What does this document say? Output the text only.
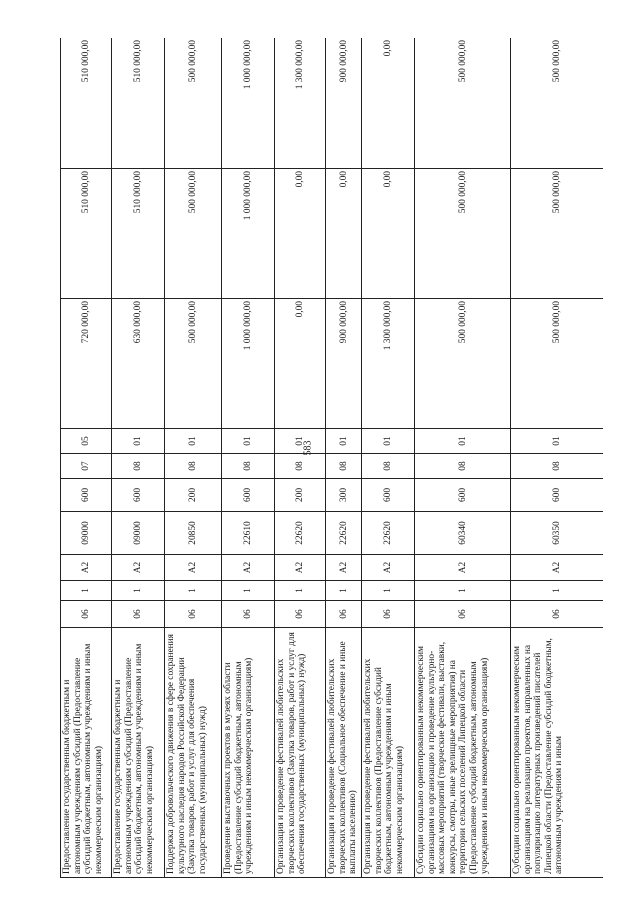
583
Предоставление государственным бюджетным и автономным учреждениям субсидий (Предоставление субсидий бюджетным, автономным учреждениям и иным некоммерческим организациям)	06	1	А2	09000	600	07	05	720 000,00	510 000,00	510 000,00
Предоставление государственным бюджетным и автономным учреждениям субсидий (Предоставление субсидий бюджетным, автономным учреждениям и иным некоммерческим организациям)	06	1	А2	09000	600	08	01	630 000,00	510 000,00	510 000,00
Поддержка добровольческого движения в сфере сохранения культурного наследия народов Российской Федерации (Закупка товаров, работ и услуг для обеспечения государственных (муниципальных) нужд)	06	1	А2	20850	200	08	01	500 000,00	500 000,00	500 000,00
Проведение выставочных проектов в музеях области (Предоставление субсидий бюджетным, автономным учреждениям и иным некоммерческим организациям)	06	1	А2	22610	600	08	01	1 000 000,00	1 000 000,00	1 000 000,00
Организация и проведение фестивалей любительских творческих коллективов (Закупка товаров, работ и услуг для обеспечения государственных (муниципальных) нужд)	06	1	А2	22620	200	08	01	0,00	0,00	1 300 000,00
Организация и проведение фестивалей любительских творческих коллективов (Социальное обеспечение и иные выплаты населению)	06	1	А2	22620	300	08	01	900 000,00	0,00	900 000,00
Организация и проведение фестивалей любительских творческих коллективов (Предоставление субсидий бюджетным, автономным учреждениям и иным некоммерческим организациям)	06	1	А2	22620	600	08	01	1 300 000,00	0,00	0,00
Субсидии социально ориентированным некоммерческим организациям на организацию и проведение культурно-массовых мероприятий (творческие фестивали, выставки, конкурсы, смотры, иные зрелищные мероприятия) на территории сельских поселений Липецкой области (Предоставление субсидий бюджетным, автономным учреждениям и иным некоммерческим организациям)	06	1	А2	60340	600	08	01	500 000,00	500 000,00	500 000,00
Субсидии социально ориентированным некоммерческим организациям на реализацию проектов, направленных на популяризацию литературных произведений писателей Липецкой области (Предоставление субсидий бюджетным, автономным учреждениям и иным	06	1	А2	60350	600	08	01	500 000,00	500 000,00	500 000,00
